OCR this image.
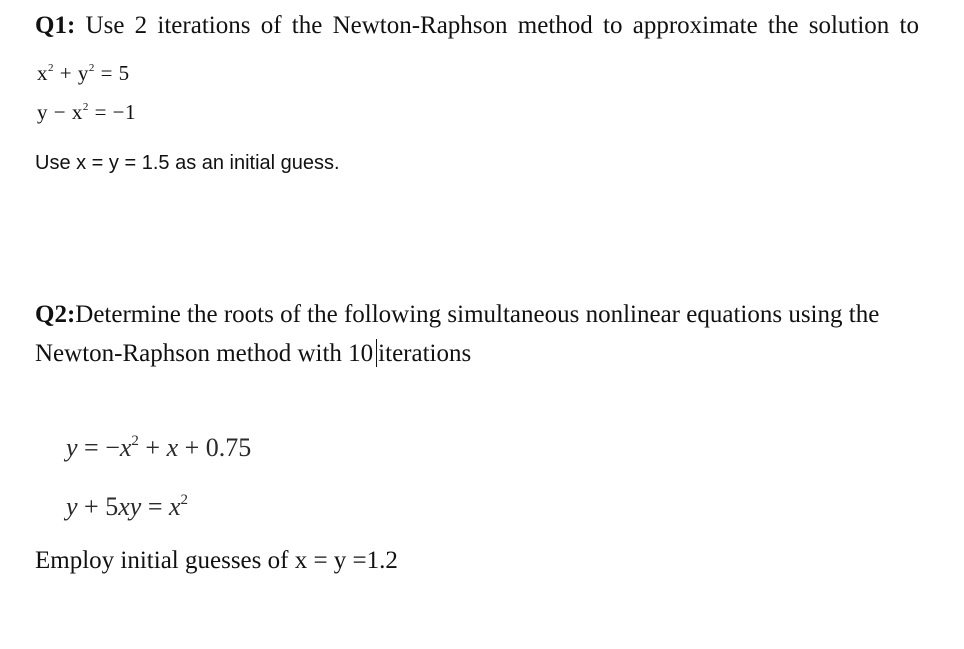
Q1: Use 2 iterations of the Newton-Raphson method to approximate the solution to
$x^2 + y^2 = 5$
$y - x^2 = -1$
Use x = y = 1.5 as an initial guess.
Q2:Determine the roots of the following simultaneous nonlinear equations using the
Newton-Raphson method with 10 iterations
$y = -x^2 + x + 0.75$
$y + 5xy = x^2$
Employ initial guesses of x = y =1.2
